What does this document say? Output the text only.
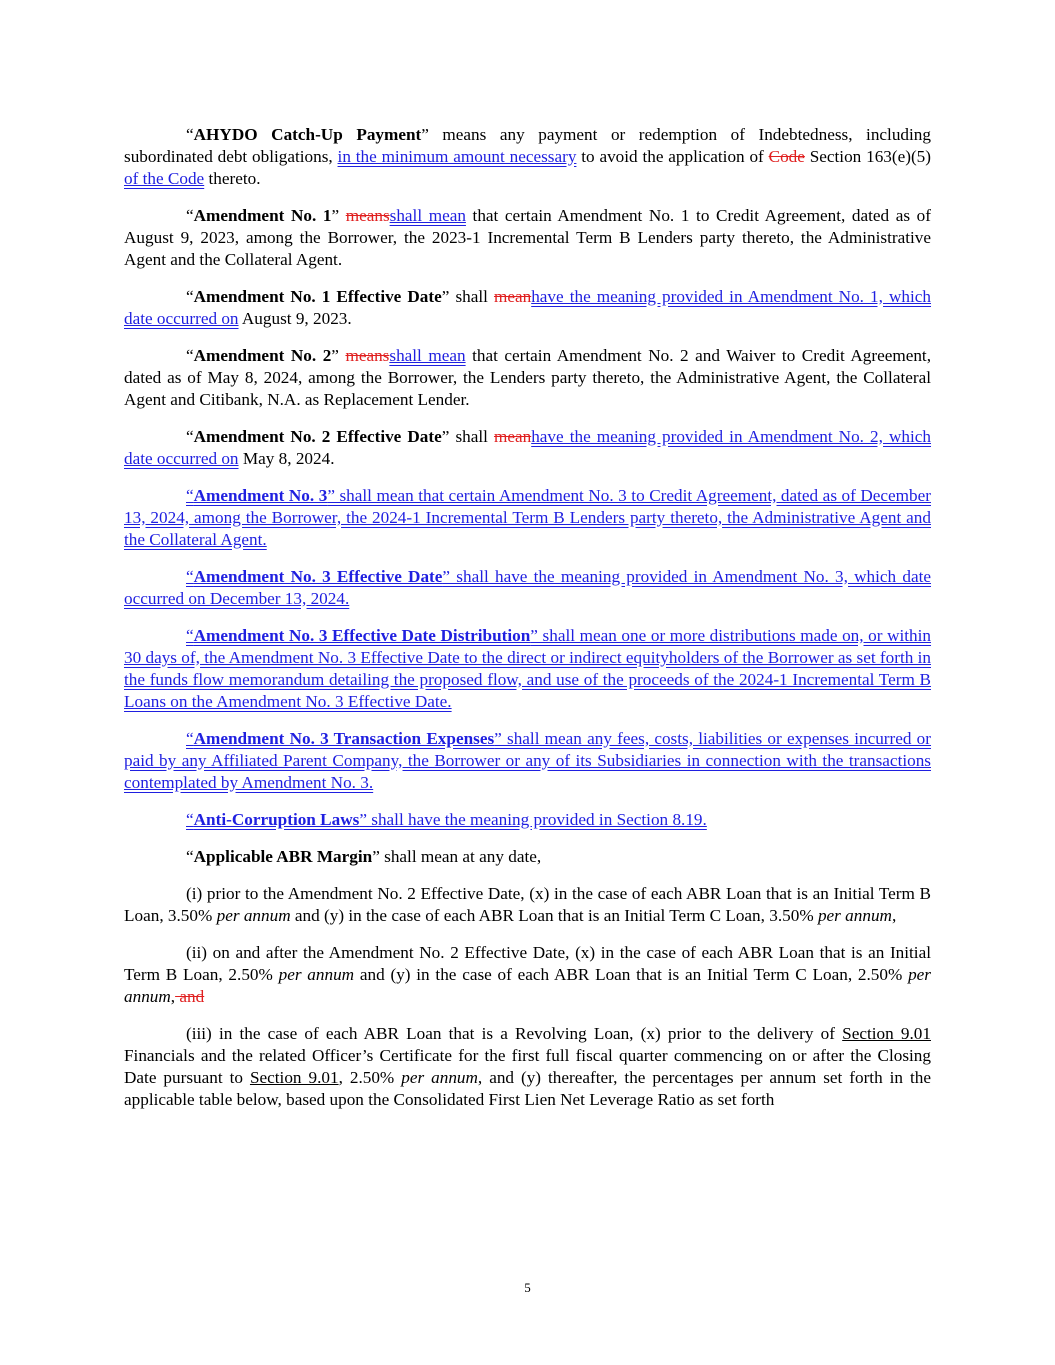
“AHYDO Catch-Up Payment” means any payment or redemption of Indebtedness, including subordinated debt obligations, in the minimum amount necessary to avoid the application of Code Section 163(e)(5) of the Code thereto.

“Amendment No. 1” meansshall mean that certain Amendment No. 1 to Credit Agreement, dated as of August 9, 2023, among the Borrower, the 2023-1 Incremental Term B Lenders party thereto, the Administrative Agent and the Collateral Agent.

“Amendment No. 1 Effective Date” shall meanhave the meaning provided in Amendment No. 1, which date occurred on August 9, 2023.

“Amendment No. 2” meansshall mean that certain Amendment No. 2 and Waiver to Credit Agreement, dated as of May 8, 2024, among the Borrower, the Lenders party thereto, the Administrative Agent, the Collateral Agent and Citibank, N.A. as Replacement Lender.

“Amendment No. 2 Effective Date” shall meanhave the meaning provided in Amendment No. 2, which date occurred on May 8, 2024.

“Amendment No. 3” shall mean that certain Amendment No. 3 to Credit Agreement, dated as of December 13, 2024, among the Borrower, the 2024-1 Incremental Term B Lenders party thereto, the Administrative Agent and the Collateral Agent.

“Amendment No. 3 Effective Date” shall have the meaning provided in Amendment No. 3, which date occurred on December 13, 2024.

“Amendment No. 3 Effective Date Distribution” shall mean one or more distributions made on, or within 30 days of, the Amendment No. 3 Effective Date to the direct or indirect equityholders of the Borrower as set forth in the funds flow memorandum detailing the proposed flow, and use of the proceeds of the 2024-1 Incremental Term B Loans on the Amendment No. 3 Effective Date.

“Amendment No. 3 Transaction Expenses” shall mean any fees, costs, liabilities or expenses incurred or paid by any Affiliated Parent Company, the Borrower or any of its Subsidiaries in connection with the transactions contemplated by Amendment No. 3.

“Anti-Corruption Laws” shall have the meaning provided in Section 8.19.

“Applicable ABR Margin” shall mean at any date,

(i) prior to the Amendment No. 2 Effective Date, (x) in the case of each ABR Loan that is an Initial Term B Loan, 3.50% per annum and (y) in the case of each ABR Loan that is an Initial Term C Loan, 3.50% per annum,

(ii) on and after the Amendment No. 2 Effective Date, (x) in the case of each ABR Loan that is an Initial Term B Loan, 2.50% per annum and (y) in the case of each ABR Loan that is an Initial Term C Loan, 2.50% per annum, and

(iii) in the case of each ABR Loan that is a Revolving Loan, (x) prior to the delivery of Section 9.01 Financials and the related Officer’s Certificate for the first full fiscal quarter commencing on or after the Closing Date pursuant to Section 9.01, 2.50% per annum, and (y) thereafter, the percentages per annum set forth in the applicable table below, based upon the Consolidated First Lien Net Leverage Ratio as set forth

5
